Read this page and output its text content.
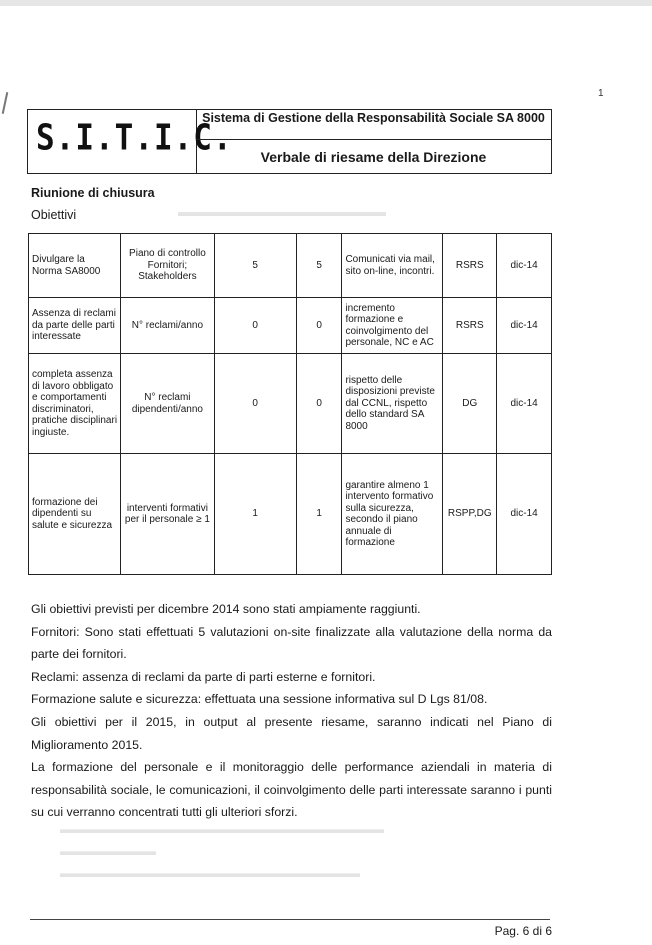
1
▬▬▬▬▬▬▬▬▬▬▬▬▬▬▬▬
▬▬▬▬▬▬▬▬▬▬▬▬▬▬▬▬▬▬▬▬▬▬▬▬▬▬▬
▬▬▬▬▬▬▬▬
▬▬▬▬▬▬▬▬▬▬▬▬▬▬▬▬▬▬▬▬▬▬▬▬▬
S.I.T.I.C.
Sistema di Gestione della Responsabilità Sociale SA 8000
Verbale di riesame della Direzione
Riunione di chiusura
Obiettivi
Divulgare la Norma SA8000	Piano di controllo Fornitori; Stakeholders	5	5	Comunicati via mail, sito on-line, incontri.	RSRS	dic-14
Assenza di reclami da parte delle parti interessate	N° reclami/anno	0	0	incremento formazione e coinvolgimento del personale, NC e AC	RSRS	dic-14
completa assenza di lavoro obbligato e comportamenti discriminatori, pratiche disciplinari ingiuste.	N° reclami dipendenti/anno	0	0	rispetto delle disposizioni previste dal CCNL, rispetto dello standard SA 8000	DG	dic-14
formazione dei dipendenti su salute e sicurezza	interventi formativi per il personale ≥ 1	1	1	garantire almeno 1 intervento formativo sulla sicurezza, secondo il piano annuale di formazione	RSPP,DG	dic-14

Gli obiettivi previsti per dicembre 2014 sono stati ampiamente raggiunti.

Fornitori: Sono stati effettuati 5 valutazioni on-site finalizzate alla valutazione della norma da parte dei fornitori.

Reclami: assenza di reclami da parte di parti esterne e fornitori.

Formazione salute e sicurezza: effettuata una sessione informativa sul D Lgs 81/08.

Gli obiettivi per il 2015, in output al presente riesame, saranno indicati nel Piano di Miglioramento 2015.

La formazione del personale e il monitoraggio delle performance aziendali in materia di responsabilità sociale, le comunicazioni, il coinvolgimento delle parti interessate saranno i punti su cui verranno concentrati tutti gli ulteriori sforzi.

Pag. 6 di 6
